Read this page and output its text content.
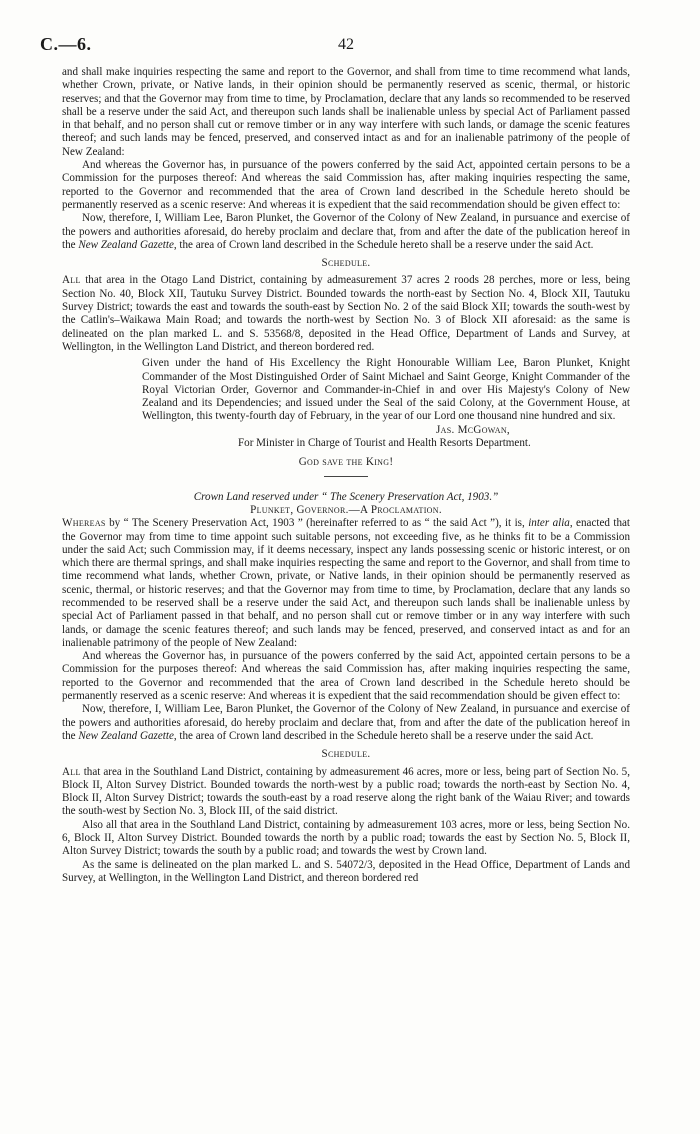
C.—6.	42

and shall make inquiries respecting the same and report to the Governor, and shall from time to time recommend what lands, whether Crown, private, or Native lands, in their opinion should be permanently reserved as scenic, thermal, or historic reserves; and that the Governor may from time to time, by Proclamation, declare that any lands so recommended to be reserved shall be a reserve under the said Act, and thereupon such lands shall be inalienable unless by special Act of Parliament passed in that behalf, and no person shall cut or remove timber or in any way interfere with such lands, or damage the scenic features thereof; and such lands may be fenced, preserved, and conserved intact as and for an inalienable patrimony of the people of New Zealand:

And whereas the Governor has, in pursuance of the powers conferred by the said Act, appointed certain persons to be a Commission for the purposes thereof: And whereas the said Commission has, after making inquiries respecting the same, reported to the Governor and recommended that the area of Crown land described in the Schedule hereto should be permanently reserved as a scenic reserve: And whereas it is expedient that the said recommendation should be given effect to:

Now, therefore, I, William Lee, Baron Plunket, the Governor of the Colony of New Zealand, in pursuance and exercise of the powers and authorities aforesaid, do hereby proclaim and declare that, from and after the date of the publication hereof in the New Zealand Gazette, the area of Crown land described in the Schedule hereto shall be a reserve under the said Act.

Schedule.

All that area in the Otago Land District, containing by admeasurement 37 acres 2 roods 28 perches, more or less, being Section No. 40, Block XII, Tautuku Survey District. Bounded towards the north-east by Section No. 4, Block XII, Tautuku Survey District; towards the east and towards the south-east by Section No. 2 of the said Block XII; towards the south-west by the Catlin's–Waikawa Main Road; and towards the north-west by Section No. 3 of Block XII aforesaid: as the same is delineated on the plan marked L. and S. 53568/8, deposited in the Head Office, Department of Lands and Survey, at Wellington, in the Wellington Land District, and thereon bordered red.

Given under the hand of His Excellency the Right Honourable William Lee, Baron Plunket, Knight Commander of the Most Distinguished Order of Saint Michael and Saint George, Knight Commander of the Royal Victorian Order, Governor and Commander-in-Chief in and over His Majesty's Colony of New Zealand and its Dependencies; and issued under the Seal of the said Colony, at the Government House, at Wellington, this twenty-fourth day of February, in the year of our Lord one thousand nine hundred and six.

Jas. McGowan,

For Minister in Charge of Tourist and Health Resorts Department.

God save the King!

Crown Land reserved under “ The Scenery Preservation Act, 1903.”

Plunket, Governor.—A Proclamation.

Whereas by “ The Scenery Preservation Act, 1903 ” (hereinafter referred to as “ the said Act ”), it is, inter alia, enacted that the Governor may from time to time appoint such suitable persons, not exceeding five, as he thinks fit to be a Commission under the said Act; such Commission may, if it deems necessary, inspect any lands possessing scenic or historic interest, or on which there are thermal springs, and shall make inquiries respecting the same and report to the Governor, and shall from time to time recommend what lands, whether Crown, private, or Native lands, in their opinion should be permanently reserved as scenic, thermal, or historic reserves; and that the Governor may from time to time, by Proclamation, declare that any lands so recommended to be reserved shall be a reserve under the said Act, and thereupon such lands shall be inalienable unless by special Act of Parliament passed in that behalf, and no person shall cut or remove timber or in any way interfere with such lands, or damage the scenic features thereof; and such lands may be fenced, preserved, and conserved intact as and for an inalienable patrimony of the people of New Zealand:

And whereas the Governor has, in pursuance of the powers conferred by the said Act, appointed certain persons to be a Commission for the purposes thereof: And whereas the said Commission has, after making inquiries respecting the same, reported to the Governor and recommended that the area of Crown land described in the Schedule hereto should be permanently reserved as a scenic reserve: And whereas it is expedient that the said recommendation should be given effect to:

Now, therefore, I, William Lee, Baron Plunket, the Governor of the Colony of New Zealand, in pursuance and exercise of the powers and authorities aforesaid, do hereby proclaim and declare that, from and after the date of the publication hereof in the New Zealand Gazette, the area of Crown land described in the Schedule hereto shall be a reserve under the said Act.

Schedule.

All that area in the Southland Land District, containing by admeasurement 46 acres, more or less, being part of Section No. 5, Block II, Alton Survey District. Bounded towards the north-west by a public road; towards the north-east by Section No. 4, Block II, Alton Survey District; towards the south-east by a road reserve along the right bank of the Waiau River; and towards the south-west by Section No. 3, Block III, of the said district.

Also all that area in the Southland Land District, containing by admeasurement 103 acres, more or less, being Section No. 6, Block II, Alton Survey District. Bounded towards the north by a public road; towards the east by Section No. 5, Block II, Alton Survey District; towards the south by a public road; and towards the west by Crown land.

As the same is delineated on the plan marked L. and S. 54072/3, deposited in the Head Office, Department of Lands and Survey, at Wellington, in the Wellington Land District, and thereon bordered red
